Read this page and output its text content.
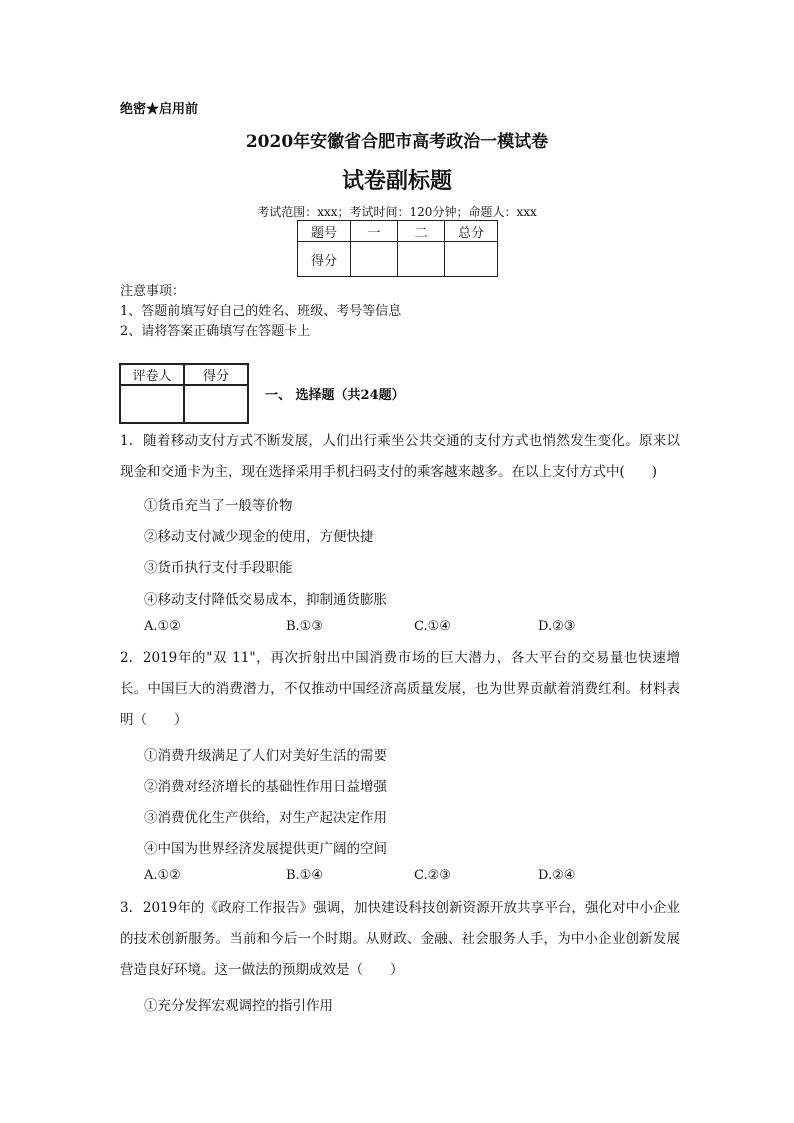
绝密★启用前
2020年安徽省合肥市高考政治一模试卷
试卷副标题
考试范围：xxx；考试时间：120分钟；命题人：xxx
题号	一	二	总分
得分			
注意事项：
1、答题前填写好自己的姓名、班级、考号等信息
2、请将答案正确填写在答题卡上
评卷人	得分

一、 选择题（共24题）
1. 随着移动支付方式不断发展，人们出行乘坐公共交通的支付方式也悄然发生变化。原来以现金和交通卡为主，现在选择采用手机扫码支付的乘客越来越多。在以上支付方式中(　　)
①货币充当了一般等价物
②移动支付减少现金的使用，方便快捷
③货币执行支付手段职能
④移动支付降低交易成本，抑制通货膨胀
A.①②	B.①③	C.①④	D.②③
2. 2019年的"双 11"，再次折射出中国消费市场的巨大潜力，各大平台的交易量也快速增长。中国巨大的消费潜力，不仅推动中国经济高质量发展，也为世界贡献着消费红利。材料表明（　　）
①消费升级满足了人们对美好生活的需要
②消费对经济增长的基础性作用日益增强
③消费优化生产供给，对生产起决定作用
④中国为世界经济发展提供更广阔的空间
A.①②	B.①④	C.②③	D.②④
3. 2019年的《政府工作报告》强调，加快建设科技创新资源开放共享平台，强化对中小企业的技术创新服务。当前和今后一个时期。从财政、金融、社会服务人手，为中小企业创新发展营造良好环境。这一做法的预期成效是（　　）
①充分发挥宏观调控的指引作用
